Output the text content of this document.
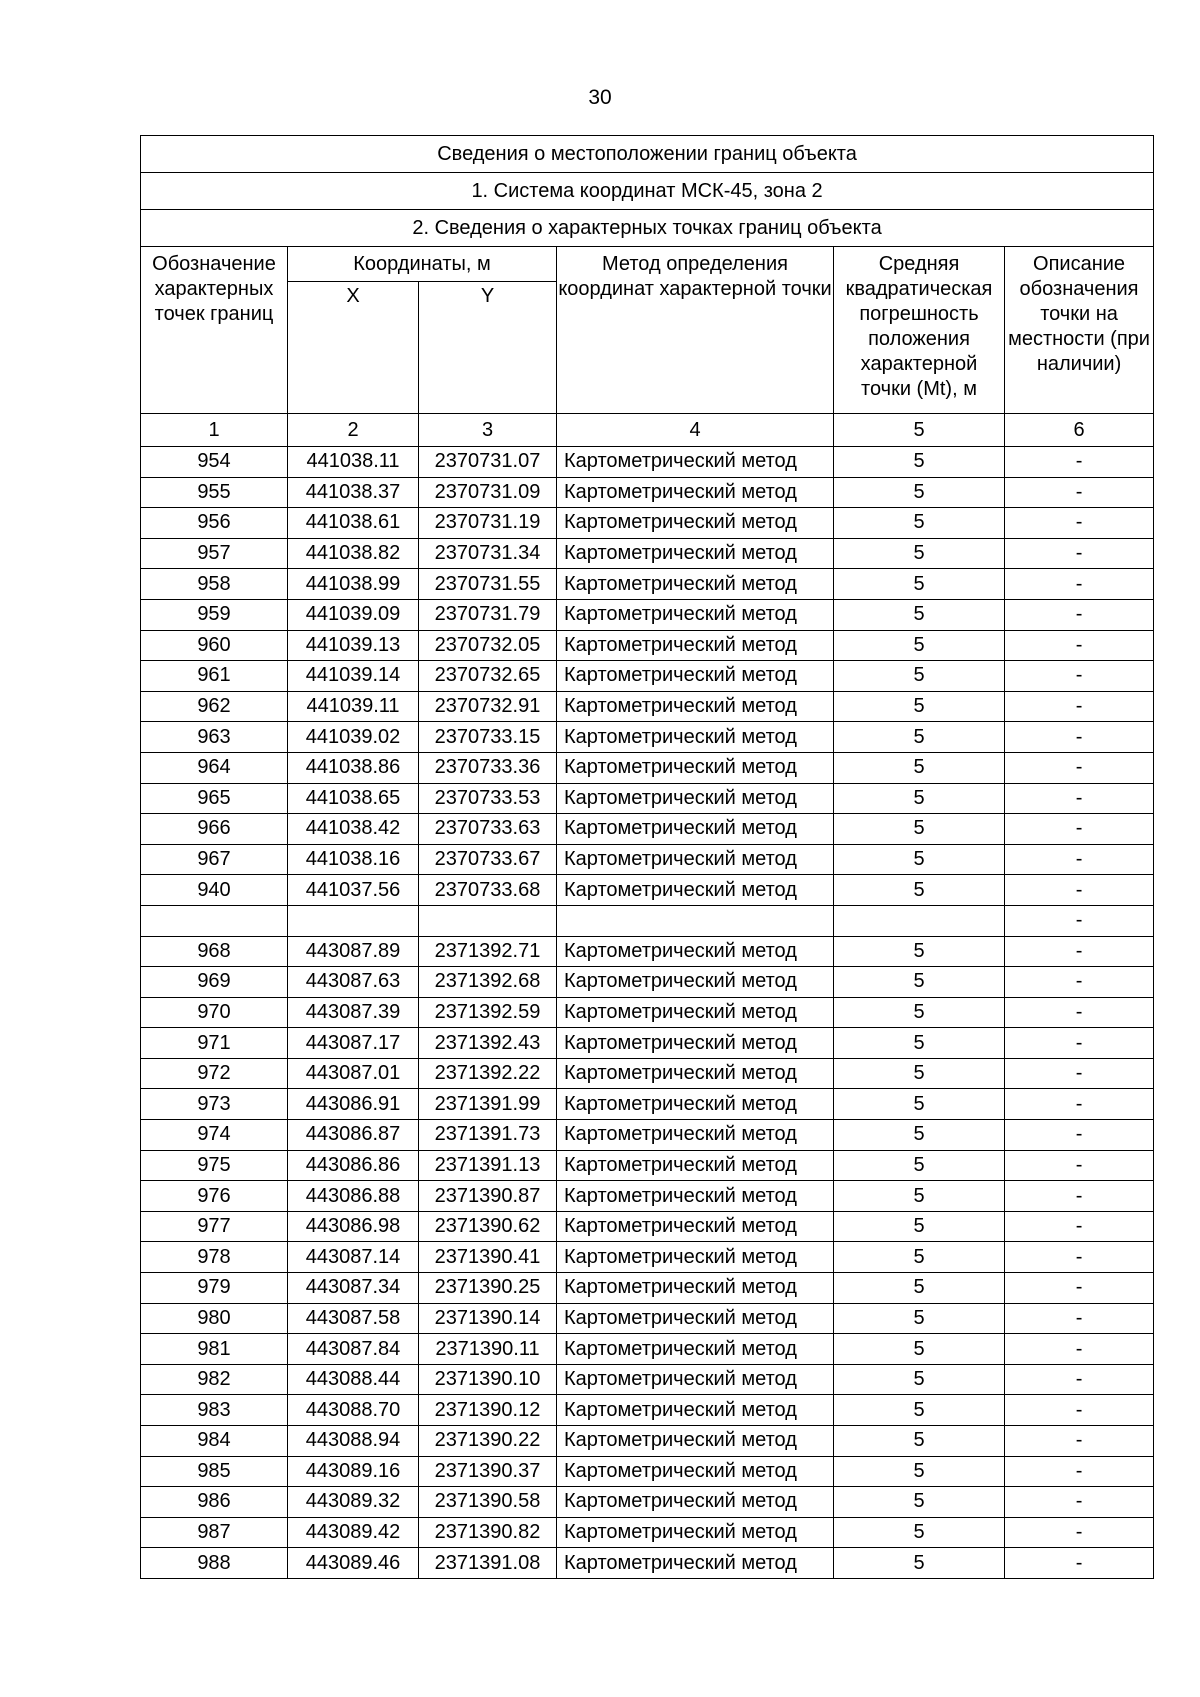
30
Сведения о местоположении границ объекта					
1. Система координат МСК-45, зона 2					
2. Сведения о характерных точках границ объекта					
Обозначение характерных точек границ	Координаты, м		Метод определения координат характерной точки	Средняя квадратическая погрешность положения характерной точки (Mt), м	Описание обозначения точки на местности (при наличии)
	X	Y			
1	2	3	4	5	6
954	441038.11	2370731.07	Картометрический метод	5	-
955	441038.37	2370731.09	Картометрический метод	5	-
956	441038.61	2370731.19	Картометрический метод	5	-
957	441038.82	2370731.34	Картометрический метод	5	-
958	441038.99	2370731.55	Картометрический метод	5	-
959	441039.09	2370731.79	Картометрический метод	5	-
960	441039.13	2370732.05	Картометрический метод	5	-
961	441039.14	2370732.65	Картометрический метод	5	-
962	441039.11	2370732.91	Картометрический метод	5	-
963	441039.02	2370733.15	Картометрический метод	5	-
964	441038.86	2370733.36	Картометрический метод	5	-
965	441038.65	2370733.53	Картометрический метод	5	-
966	441038.42	2370733.63	Картометрический метод	5	-
967	441038.16	2370733.67	Картометрический метод	5	-
940	441037.56	2370733.68	Картометрический метод	5	-
					-
968	443087.89	2371392.71	Картометрический метод	5	-
969	443087.63	2371392.68	Картометрический метод	5	-
970	443087.39	2371392.59	Картометрический метод	5	-
971	443087.17	2371392.43	Картометрический метод	5	-
972	443087.01	2371392.22	Картометрический метод	5	-
973	443086.91	2371391.99	Картометрический метод	5	-
974	443086.87	2371391.73	Картометрический метод	5	-
975	443086.86	2371391.13	Картометрический метод	5	-
976	443086.88	2371390.87	Картометрический метод	5	-
977	443086.98	2371390.62	Картометрический метод	5	-
978	443087.14	2371390.41	Картометрический метод	5	-
979	443087.34	2371390.25	Картометрический метод	5	-
980	443087.58	2371390.14	Картометрический метод	5	-
981	443087.84	2371390.11	Картометрический метод	5	-
982	443088.44	2371390.10	Картометрический метод	5	-
983	443088.70	2371390.12	Картометрический метод	5	-
984	443088.94	2371390.22	Картометрический метод	5	-
985	443089.16	2371390.37	Картометрический метод	5	-
986	443089.32	2371390.58	Картометрический метод	5	-
987	443089.42	2371390.82	Картометрический метод	5	-
988	443089.46	2371391.08	Картометрический метод	5	-
